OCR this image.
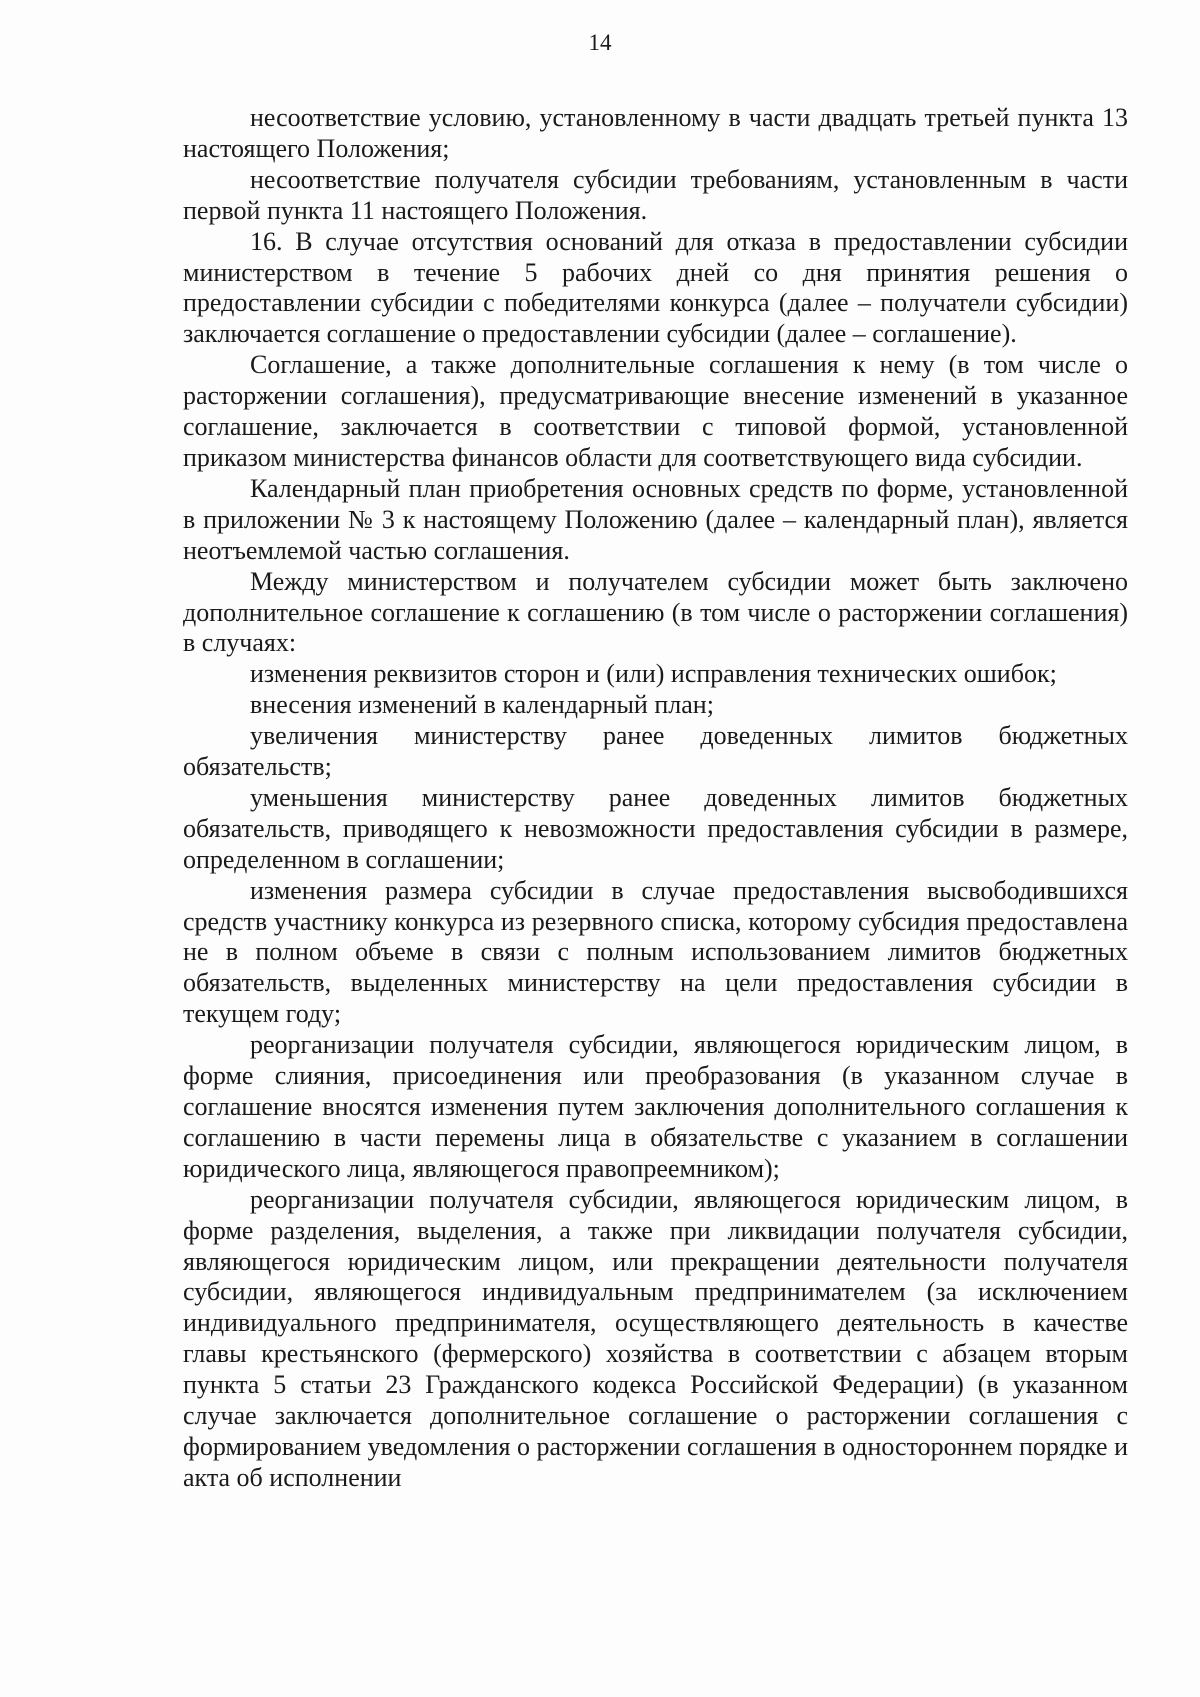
14

несоответствие условию, установленному в части двадцать третьей пункта 13 настоящего Положения;

несоответствие получателя субсидии требованиям, установленным в части первой пункта 11 настоящего Положения.

16. В случае отсутствия оснований для отказа в предоставлении субсидии министерством в течение 5 рабочих дней со дня принятия решения о предоставлении субсидии с победителями конкурса (далее – получатели субсидии) заключается соглашение о предоставлении субсидии (далее – соглашение).

Соглашение, а также дополнительные соглашения к нему (в том числе о расторжении соглашения), предусматривающие внесение изменений в указанное соглашение, заключается в соответствии с типовой формой, установленной приказом министерства финансов области для соответствующего вида субсидии.

Календарный план приобретения основных средств по форме, установленной в приложении № 3 к настоящему Положению (далее – календарный план), является неотъемлемой частью соглашения.

Между министерством и получателем субсидии может быть заключено дополнительное соглашение к соглашению (в том числе о расторжении соглашения) в случаях:

изменения реквизитов сторон и (или) исправления технических ошибок;

внесения изменений в календарный план;

увеличения министерству ранее доведенных лимитов бюджетных обязательств;

уменьшения министерству ранее доведенных лимитов бюджетных обязательств, приводящего к невозможности предоставления субсидии в размере, определенном в соглашении;

изменения размера субсидии в случае предоставления высвободившихся средств участнику конкурса из резервного списка, которому субсидия предоставлена не в полном объеме в связи с полным использованием лимитов бюджетных обязательств, выделенных министерству на цели предоставления субсидии в текущем году;

реорганизации получателя субсидии, являющегося юридическим лицом, в форме слияния, присоединения или преобразования (в указанном случае в соглашение вносятся изменения путем заключения дополнительного соглашения к соглашению в части перемены лица в обязательстве с указанием в соглашении юридического лица, являющегося правопреемником);

реорганизации получателя субсидии, являющегося юридическим лицом, в форме разделения, выделения, а также при ликвидации получателя субсидии, являющегося юридическим лицом, или прекращении деятельности получателя субсидии, являющегося индивидуальным предпринимателем (за исключением индивидуального предпринимателя, осуществляющего деятельность в качестве главы крестьянского (фермерского) хозяйства в соответствии с абзацем вторым пункта 5 статьи 23 Гражданского кодекса Российской Федерации) (в указанном случае заключается дополнительное соглашение о расторжении соглашения с формированием уведомления о расторжении соглашения в одностороннем порядке и акта об исполнении
